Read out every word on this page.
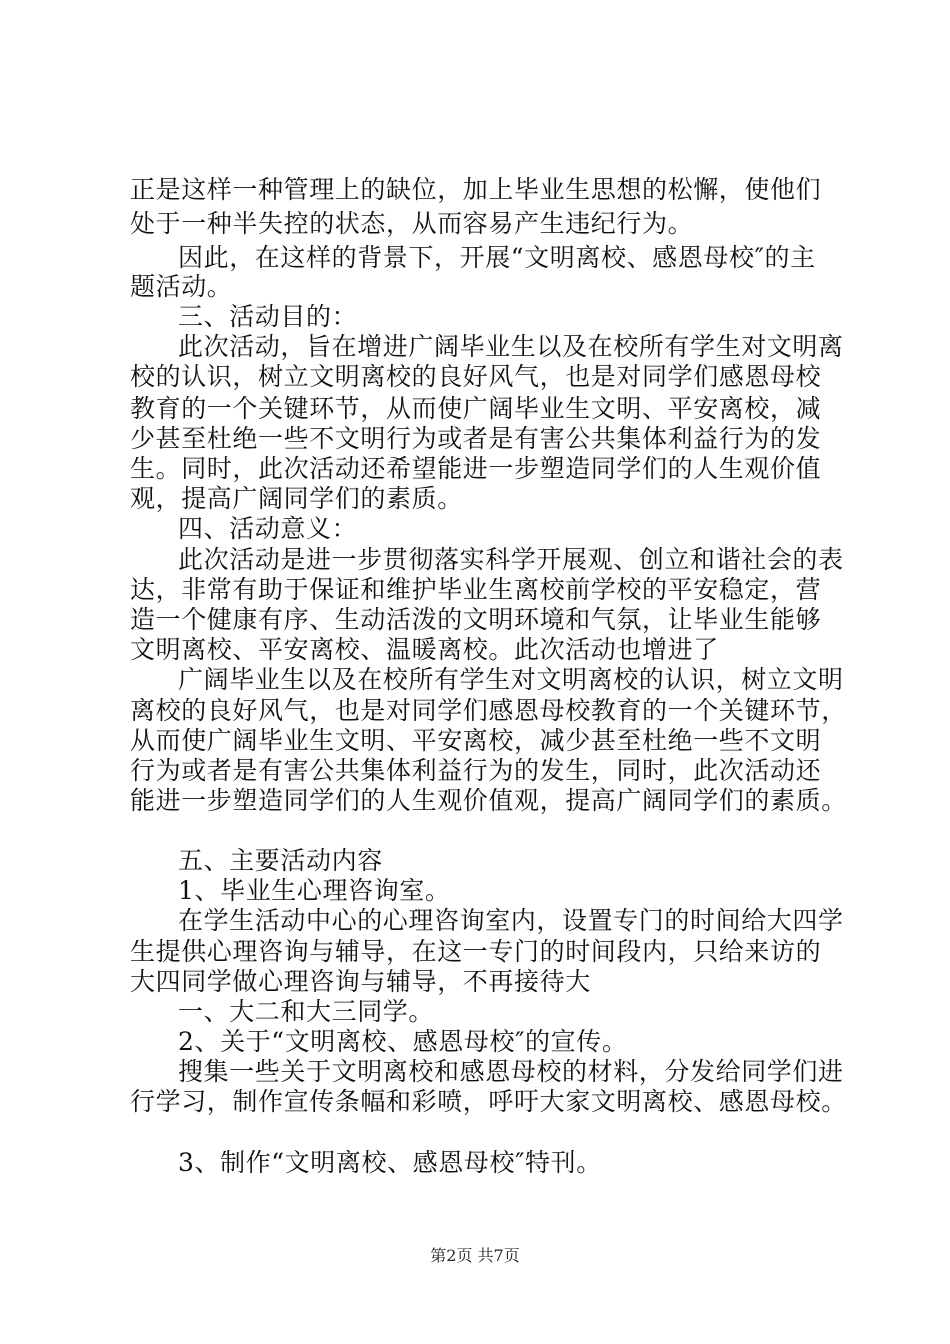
正是这样一种管理上的缺位，加上毕业生思想的松懈，使他们
处于一种半失控的状态，从而容易产生违纪行为。
因此，在这样的背景下，开展“文明离校、感恩母校″的主
题活动。
三、活动目的：
此次活动，旨在增进广阔毕业生以及在校所有学生对文明离
校的认识，树立文明离校的良好风气，也是对同学们感恩母校
教育的一个关键环节，从而使广阔毕业生文明、平安离校，减
少甚至杜绝一些不文明行为或者是有害公共集体利益行为的发
生。同时，此次活动还希望能进一步塑造同学们的人生观价值
观，提高广阔同学们的素质。
四、活动意义：
此次活动是进一步贯彻落实科学开展观、创立和谐社会的表
达，非常有助于保证和维护毕业生离校前学校的平安稳定，营
造一个健康有序、生动活泼的文明环境和气氛，让毕业生能够
文明离校、平安离校、温暖离校。此次活动也增进了
广阔毕业生以及在校所有学生对文明离校的认识，树立文明
离校的良好风气，也是对同学们感恩母校教育的一个关键环节，
从而使广阔毕业生文明、平安离校，减少甚至杜绝一些不文明
行为或者是有害公共集体利益行为的发生，同时，此次活动还
能进一步塑造同学们的人生观价值观，提高广阔同学们的素质。
五、主要活动内容
1、毕业生心理咨询室。
在学生活动中心的心理咨询室内，设置专门的时间给大四学
生提供心理咨询与辅导，在这一专门的时间段内，只给来访的
大四同学做心理咨询与辅导，不再接待大
一、大二和大三同学。
2、关于“文明离校、感恩母校″的宣传。
搜集一些关于文明离校和感恩母校的材料，分发给同学们进
行学习，制作宣传条幅和彩喷，呼吁大家文明离校、感恩母校。
3、制作“文明离校、感恩母校″特刊。
第2页 共7页
